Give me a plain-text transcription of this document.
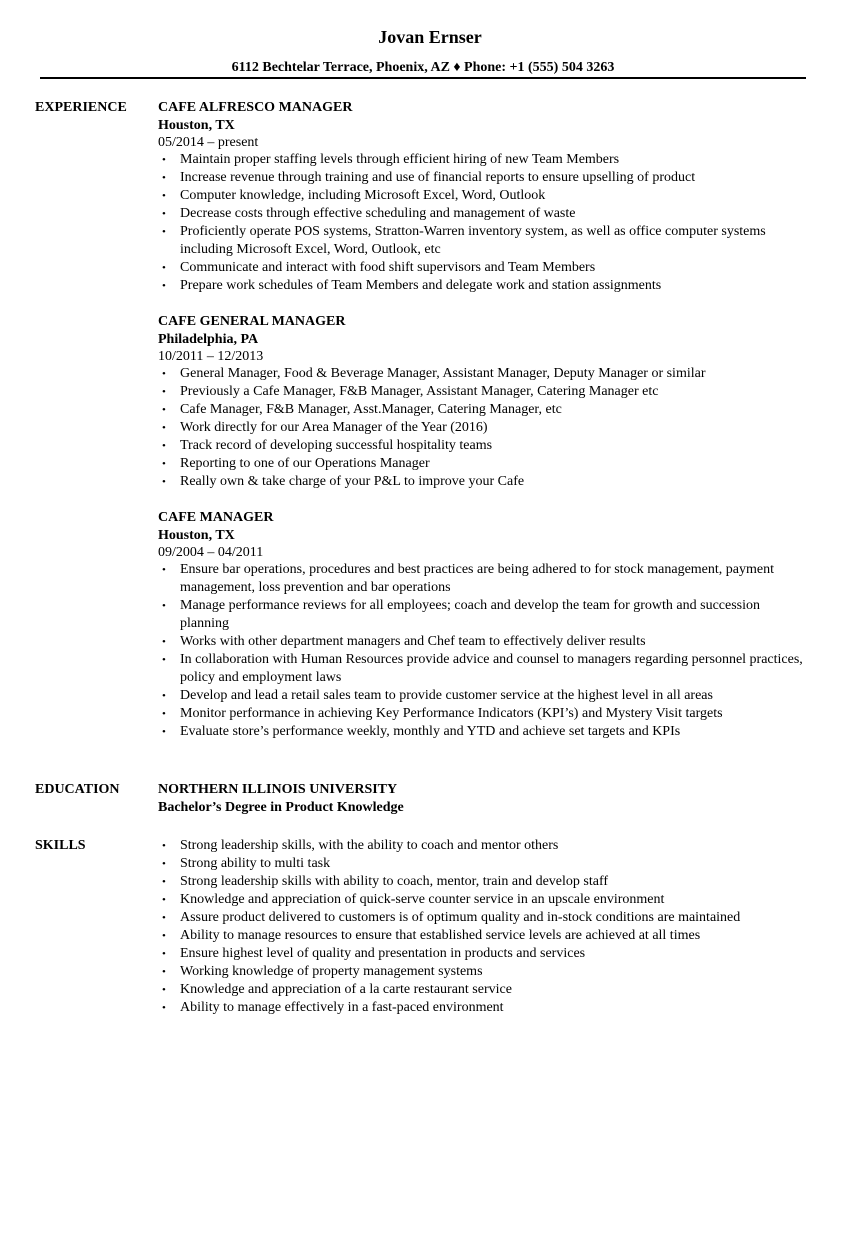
Jovan Ernser
6112 Bechtelar Terrace, Phoenix, AZ ♦ Phone: +1 (555) 504 3263
EXPERIENCE CAFE ALFRESCO MANAGER
Houston, TX
05/2014 – present
• Maintain proper staffing levels through efficient hiring of new Team Members
• Increase revenue through training and use of financial reports to ensure upselling of product
• Computer knowledge, including Microsoft Excel, Word, Outlook
• Decrease costs through effective scheduling and management of waste
• Proficiently operate POS systems, Stratton-Warren inventory system, as well as office computer systems including Microsoft Excel, Word, Outlook, etc
• Communicate and interact with food shift supervisors and Team Members
• Prepare work schedules of Team Members and delegate work and station assignments
CAFE GENERAL MANAGER
Philadelphia, PA
10/2011 – 12/2013
• General Manager, Food & Beverage Manager, Assistant Manager, Deputy Manager or similar
• Previously a Cafe Manager, F&B Manager, Assistant Manager, Catering Manager etc
• Cafe Manager, F&B Manager, Asst.Manager, Catering Manager, etc
• Work directly for our Area Manager of the Year (2016)
• Track record of developing successful hospitality teams
• Reporting to one of our Operations Manager
• Really own & take charge of your P&L to improve your Cafe
CAFE MANAGER
Houston, TX
09/2004 – 04/2011
• Ensure bar operations, procedures and best practices are being adhered to for stock management, payment management, loss prevention and bar operations
• Manage performance reviews for all employees; coach and develop the team for growth and succession planning
• Works with other department managers and Chef team to effectively deliver results
• In collaboration with Human Resources provide advice and counsel to managers regarding personnel practices, policy and employment laws
• Develop and lead a retail sales team to provide customer service at the highest level in all areas
• Monitor performance in achieving Key Performance Indicators (KPI’s) and Mystery Visit targets
• Evaluate store’s performance weekly, monthly and YTD and achieve set targets and KPIs
EDUCATION	NORTHERN ILLINOIS UNIVERSITY
Bachelor’s Degree in Product Knowledge
SKILLS
•	Strong leadership skills, with the ability to coach and mentor others
• Strong ability to multi task
• Strong leadership skills with ability to coach, mentor, train and develop staff
• Knowledge and appreciation of quick-serve counter service in an upscale environment
• Assure product delivered to customers is of optimum quality and in-stock conditions are maintained
• Ability to manage resources to ensure that established service levels are achieved at all times
• Ensure highest level of quality and presentation in products and services
• Working knowledge of property management systems
• Knowledge and appreciation of a la carte restaurant service
• Ability to manage effectively in a fast-paced environment
